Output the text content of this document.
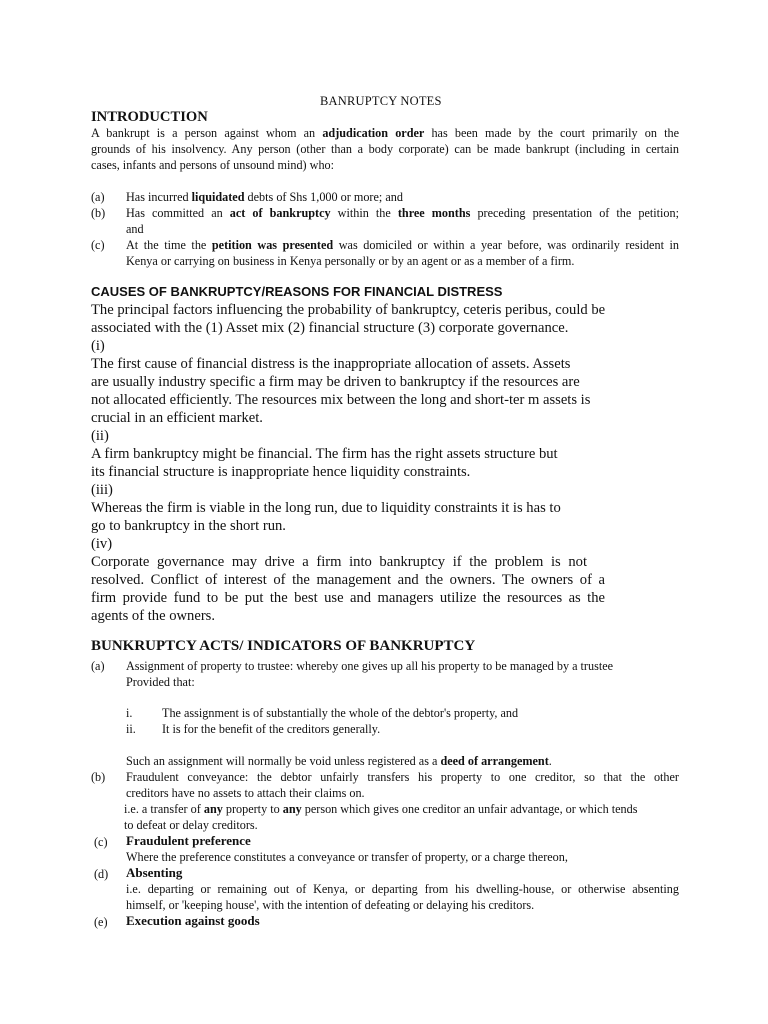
BANRUPTCY NOTES
INTRODUCTION
A bankrupt is a person against whom an adjudication order has been made by the court primarily on the
grounds of his insolvency. Any person (other than a body corporate) can be made bankrupt (including in certain
cases, infants and persons of unsound mind) who:
(a) Has incurred liquidated debts of Shs 1,000 or more; and
(b) Has committed an act of bankruptcy within the three months preceding presentation of the petition;
and
(c) At the time the petition was presented was domiciled or within a year before, was ordinarily resident in
Kenya or carrying on business in Kenya personally or by an agent or as a member of a firm.
CAUSES OF BANKRUPTCY/REASONS FOR FINANCIAL DISTRESS
The principal factors influencing the probability of bankruptcy, ceteris peribus, could be
associated with the (1) Asset mix (2) financial structure (3) corporate governance.
(i)
The first cause of financial distress is the inappropriate allocation of assets. Assets
are usually industry specific a firm may be driven to bankruptcy if the resources are
not allocated efficiently. The resources mix between the long and short-ter m assets is
crucial in an efficient market.
(ii)
A firm bankruptcy might be financial. The firm has the right assets structure but
its financial structure is inappropriate hence liquidity constraints.
(iii)
Whereas the firm is viable in the long run, due to liquidity constraints it is has to
go to bankruptcy in the short run.
(iv)
Corporate governance may drive a firm into bankruptcy if the problem is not
resolved. Conflict of interest of the management and the owners. The owners of a
firm provide fund to be put the best use and managers utilize the resources as the
agents of the owners.
BUNKRUPTCY ACTS/ INDICATORS OF BANKRUPTCY
(a) Assignment of property to trustee: whereby one gives up all his property to be managed by a trustee
Provided that:
i. The assignment is of substantially the whole of the debtor's property, and
ii. It is for the benefit of the creditors generally.
Such an assignment will normally be void unless registered as a deed of arrangement.
(b) Fraudulent conveyance: the debtor unfairly transfers his property to one creditor, so that the other
creditors have no assets to attach their claims on.
i.e. a transfer of any property to any person which gives one creditor an unfair advantage, or which tends
to defeat or delay creditors.
(c) Fraudulent preference
Where the preference constitutes a conveyance or transfer of property, or a charge thereon,
(d) Absenting
i.e. departing or remaining out of Kenya, or departing from his dwelling-house, or otherwise absenting
himself, or 'keeping house', with the intention of defeating or delaying his creditors.
(e) Execution against goods
